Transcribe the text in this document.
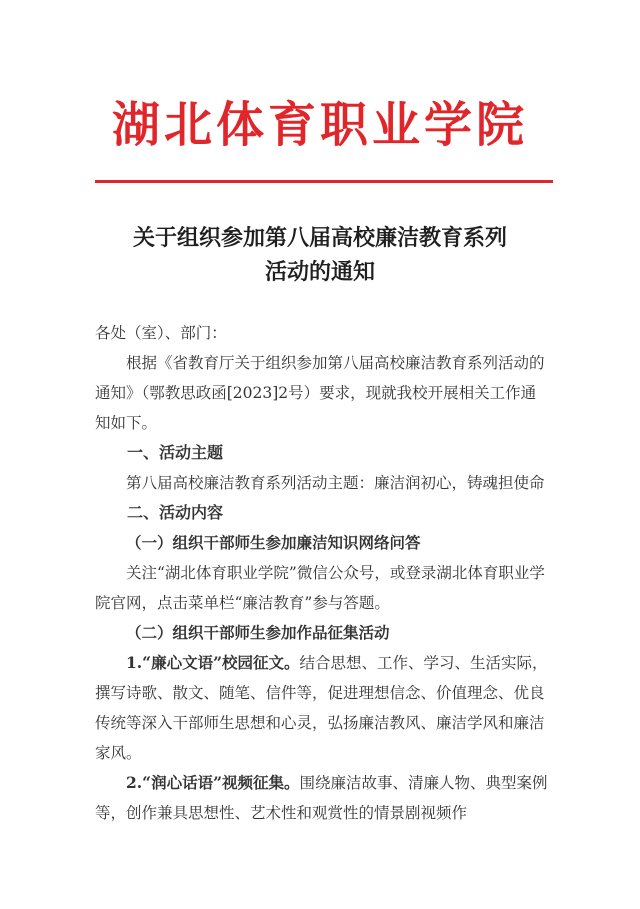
湖北体育职业学院
关于组织参加第八届高校廉洁教育系列
活动的通知

各处（室）、部门：

根据《省教育厅关于组织参加第八届高校廉洁教育系列活动的通知》（鄂教思政函[2023]2号）要求，现就我校开展相关工作通知如下。

一、活动主题

第八届高校廉洁教育系列活动主题：廉洁润初心，铸魂担使命

二、活动内容

（一）组织干部师生参加廉洁知识网络问答

关注“湖北体育职业学院”微信公众号，或登录湖北体育职业学院官网，点击菜单栏“廉洁教育”参与答题。

（二）组织干部师生参加作品征集活动

1.“廉心文语”校园征文。结合思想、工作、学习、生活实际，撰写诗歌、散文、随笔、信件等，促进理想信念、价值理念、优良传统等深入干部师生思想和心灵，弘扬廉洁教风、廉洁学风和廉洁家风。

2.“润心话语”视频征集。围绕廉洁故事、清廉人物、典型案例等，创作兼具思想性、艺术性和观赏性的情景剧视频作
